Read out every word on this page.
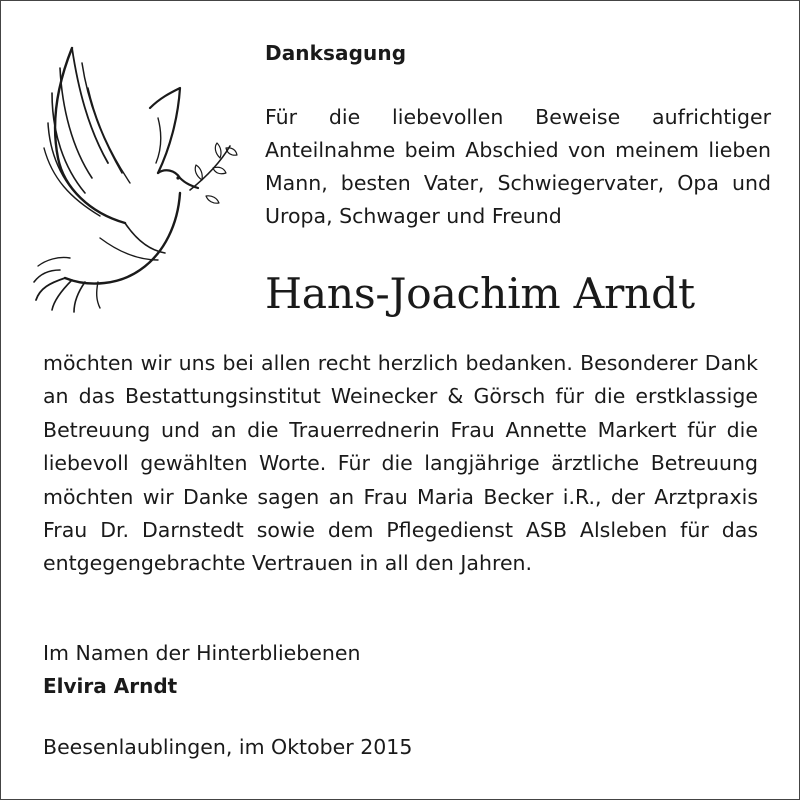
Danksagung
Für die liebevollen Beweise aufrichtiger Anteilnahme beim Abschied von meinem lieben Mann, besten Vater, Schwiegervater, Opa und Uropa, Schwager und Freund
Hans-Joachim Arndt
möchten wir uns bei allen recht herzlich bedanken. Besonderer Dank an das Bestattungsinstitut Weinecker & Görsch für die erstklassige Betreuung und an die Trauerrednerin Frau Annette Markert für die liebevoll gewählten Worte. Für die langjährige ärztliche Betreuung möchten wir Danke sagen an Frau Maria Becker i.R., der Arztpraxis Frau Dr. Darnstedt sowie dem Pflegedienst ASB Alsleben für das entgegengebrachte Vertrauen in all den Jahren.
Im Namen der Hinterbliebenen
Elvira Arndt
Beesenlaublingen, im Oktober 2015
